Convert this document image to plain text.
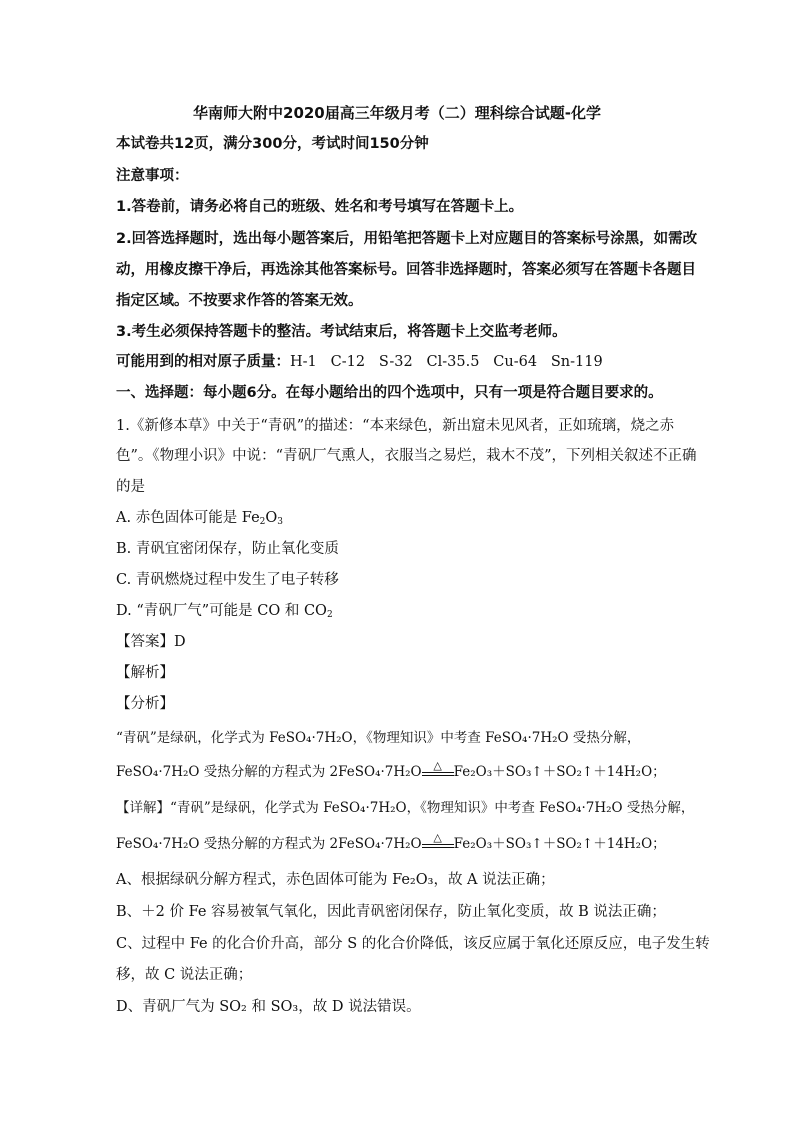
华南师大附中2020届高三年级月考（二）理科综合试题-化学
本试卷共12页，满分300分，考试时间150分钟
注意事项：
1.答卷前，请务必将自己的班级、姓名和考号填写在答题卡上。
2.回答选择题时，选出每小题答案后，用铅笔把答题卡上对应题目的答案标号涂黑，如需改
动，用橡皮擦干净后，再选涂其他答案标号。回答非选择题时，答案必须写在答题卡各题目
指定区域。不按要求作答的答案无效。
3.考生必须保持答题卡的整洁。考试结束后，将答题卡上交监考老师。
可能用到的相对原子质量：H-1   C-12   S-32   Cl-35.5   Cu-64   Sn-119
一、选择题：每小题6分。在每小题给出的四个选项中，只有一项是符合题目要求的。
1.《新修本草》中关于“青矾”的描述：“本来绿色，新出窟未见风者，正如琉璃，烧之赤
色”。《物理小识》中说：“青矾厂气熏人，衣服当之易烂，栽木不茂”，下列相关叙述不正确
的是
A. 赤色固体可能是 $Fe_2O_3$
B. 青矾宜密闭保存，防止氧化变质
C. 青矾燃烧过程中发生了电子转移
D. “青矾厂气”可能是 CO 和 $CO_2$
【答案】D
【解析】
【分析】
“青矾”是绿矾，化学式为 FeSO₄·7H₂O，《物理知识》中考查 FeSO₄·7H₂O 受热分解，
FeSO₄·7H₂O 受热分解的方程式为 2FeSO₄·7H₂O	△ Fe₂O₃＋SO₃↑＋SO₂↑＋14H₂O；
【详解】“青矾”是绿矾，化学式为 FeSO₄·7H₂O，《物理知识》中考查 FeSO₄·7H₂O 受热分解，
FeSO₄·7H₂O 受热分解的方程式为 2FeSO₄·7H₂O	△ Fe₂O₃＋SO₃↑＋SO₂↑＋14H₂O；
A、根据绿矾分解方程式，赤色固体可能为 Fe₂O₃，故 A 说法正确；
B、＋2 价 Fe 容易被氧气氧化，因此青矾密闭保存，防止氧化变质，故 B 说法正确；
C、过程中 Fe 的化合价升高，部分 S 的化合价降低，该反应属于氧化还原反应，电子发生转
移，故 C 说法正确；
D、青矾厂气为 SO₂ 和 SO₃，故 D 说法错误。
